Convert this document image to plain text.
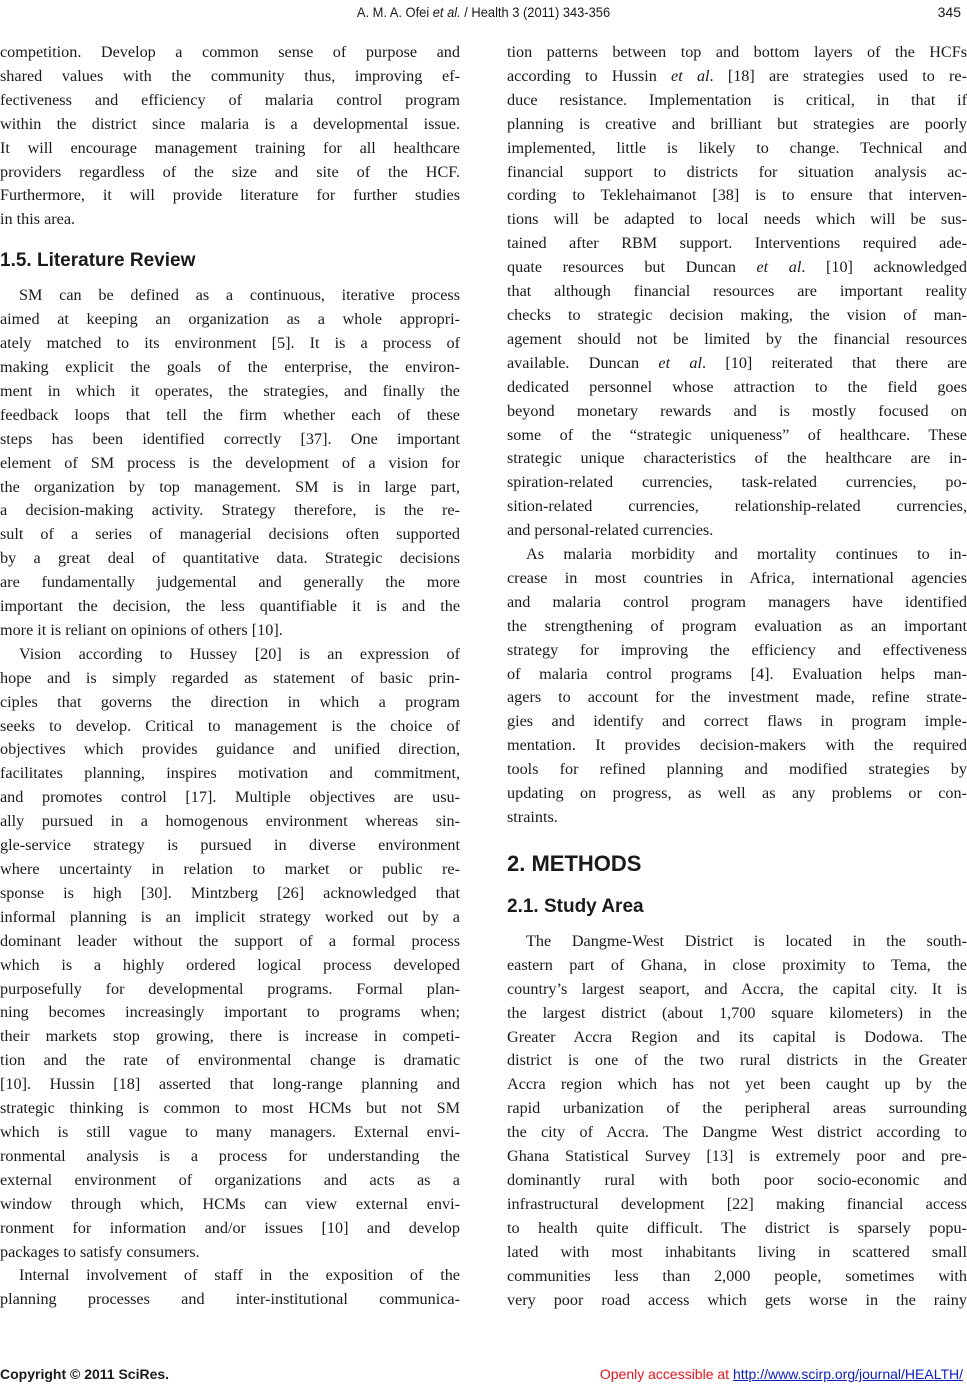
A. M. A. Ofei et al. / Health 3 (2011) 343-356	345

competition. Develop a common sense of purpose and
shared values with the community thus, improving ef-
fectiveness and efficiency of malaria control program
within the district since malaria is a developmental issue.
It will encourage management training for all healthcare
providers regardless of the size and site of the HCF.
Furthermore, it will provide literature for further studies
in this area.

1.5. Literature Review

SM can be defined as a continuous, iterative process
aimed at keeping an organization as a whole appropri-
ately matched to its environment [5]. It is a process of
making explicit the goals of the enterprise, the environ-
ment in which it operates, the strategies, and finally the
feedback loops that tell the firm whether each of these
steps has been identified correctly [37]. One important
element of SM process is the development of a vision for
the organization by top management. SM is in large part,
a decision-making activity. Strategy therefore, is the re-
sult of a series of managerial decisions often supported
by a great deal of quantitative data. Strategic decisions
are fundamentally judgemental and generally the more
important the decision, the less quantifiable it is and the
more it is reliant on opinions of others [10].

Vision according to Hussey [20] is an expression of
hope and is simply regarded as statement of basic prin-
ciples that governs the direction in which a program
seeks to develop. Critical to management is the choice of
objectives which provides guidance and unified direction,
facilitates planning, inspires motivation and commitment,
and promotes control [17]. Multiple objectives are usu-
ally pursued in a homogenous environment whereas sin-
gle-service strategy is pursued in diverse environment
where uncertainty in relation to market or public re-
sponse is high [30]. Mintzberg [26] acknowledged that
informal planning is an implicit strategy worked out by a
dominant leader without the support of a formal process
which is a highly ordered logical process developed
purposefully for developmental programs. Formal plan-
ning becomes increasingly important to programs when;
their markets stop growing, there is increase in competi-
tion and the rate of environmental change is dramatic
[10]. Hussin [18] asserted that long-range planning and
strategic thinking is common to most HCMs but not SM
which is still vague to many managers. External envi-
ronmental analysis is a process for understanding the
external environment of organizations and acts as a
window through which, HCMs can view external envi-
ronment for information and/or issues [10] and develop
packages to satisfy consumers.

Internal involvement of staff in the exposition of the
planning processes and inter-institutional communica-

tion patterns between top and bottom layers of the HCFs
according to Hussin et al. [18] are strategies used to re-
duce resistance. Implementation is critical, in that if
planning is creative and brilliant but strategies are poorly
implemented, little is likely to change. Technical and
financial support to districts for situation analysis ac-
cording to Teklehaimanot [38] is to ensure that interven-
tions will be adapted to local needs which will be sus-
tained after RBM support. Interventions required ade-
quate resources but Duncan et al. [10] acknowledged
that although financial resources are important reality
checks to strategic decision making, the vision of man-
agement should not be limited by the financial resources
available. Duncan et al. [10] reiterated that there are
dedicated personnel whose attraction to the field goes
beyond monetary rewards and is mostly focused on
some of the “strategic uniqueness” of healthcare. These
strategic unique characteristics of the healthcare are in-
spiration-related currencies, task-related currencies, po-
sition-related currencies, relationship-related currencies,
and personal-related currencies.

As malaria morbidity and mortality continues to in-
crease in most countries in Africa, international agencies
and malaria control program managers have identified
the strengthening of program evaluation as an important
strategy for improving the efficiency and effectiveness
of malaria control programs [4]. Evaluation helps man-
agers to account for the investment made, refine strate-
gies and identify and correct flaws in program imple-
mentation. It provides decision-makers with the required
tools for refined planning and modified strategies by
updating on progress, as well as any problems or con-
straints.

2. METHODS
2.1. Study Area

The Dangme-West District is located in the south-
eastern part of Ghana, in close proximity to Tema, the
country’s largest seaport, and Accra, the capital city. It is
the largest district (about 1,700 square kilometers) in the
Greater Accra Region and its capital is Dodowa. The
district is one of the two rural districts in the Greater
Accra region which has not yet been caught up by the
rapid urbanization of the peripheral areas surrounding
the city of Accra. The Dangme West district according to
Ghana Statistical Survey [13] is extremely poor and pre-
dominantly rural with both poor socio-economic and
infrastructural development [22] making financial access
to health quite difficult. The district is sparsely popu-
lated with most inhabitants living in scattered small
communities less than 2,000 people, sometimes with
very poor road access which gets worse in the rainy

Copyright © 2011 SciRes.	Openly accessible at http://www.scirp.org/journal/HEALTH/
